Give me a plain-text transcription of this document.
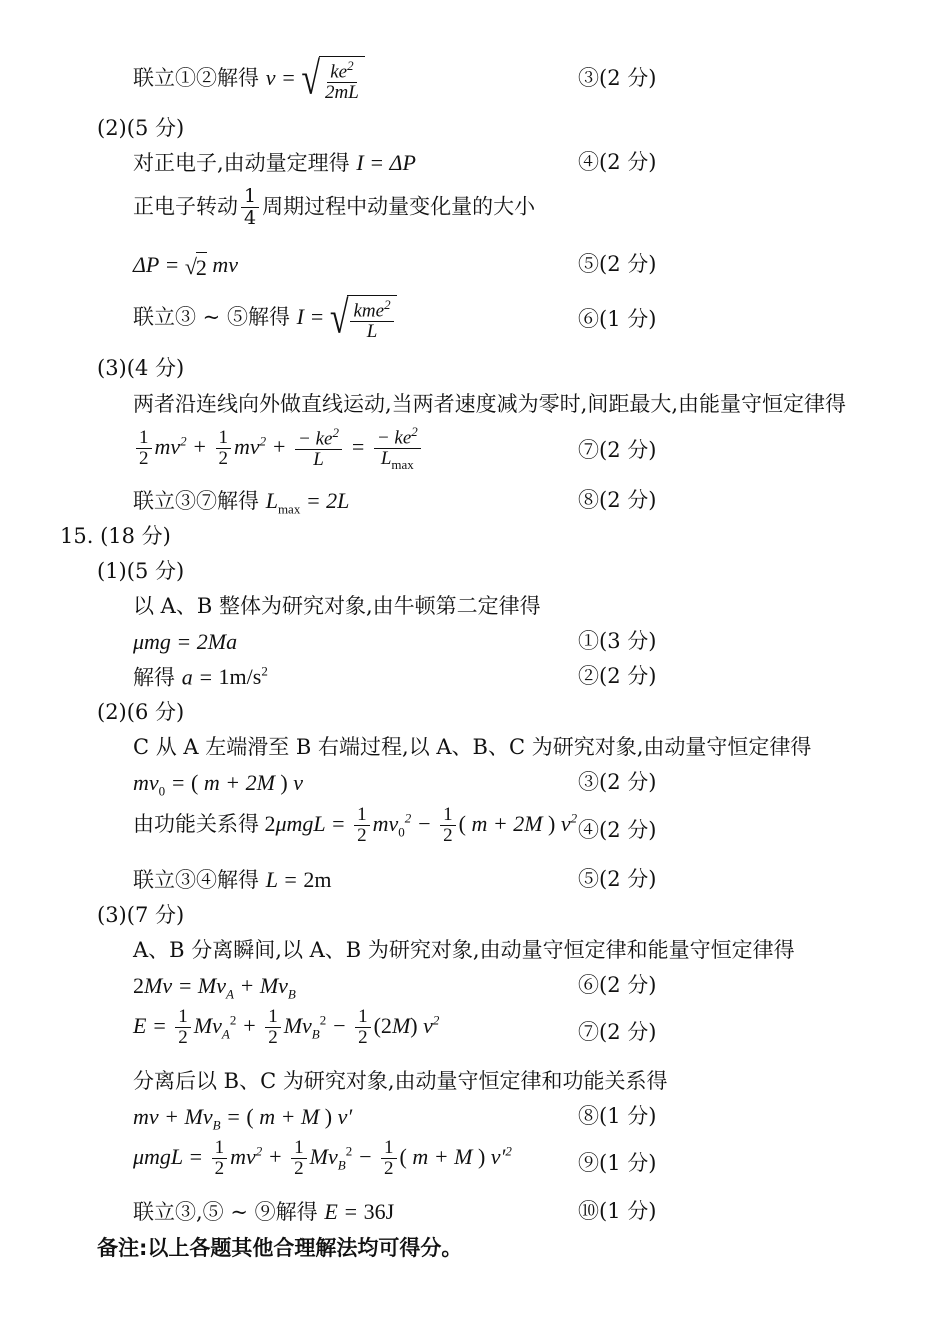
联立①②解得 v = √ $\frac{ke^2}{2mL}$	③(2 分)
(2)(5 分)
对正电子,由动量定理得 I = ΔP	④(2 分)
正电子转动 $\frac{1}{4}$ 周期过程中动量变化量的大小
ΔP = √ 2 mv	⑤(2 分)
联立③ ~ ⑤解得 I = √ $\frac{kme^2}{L}$	⑥(1 分)
(3)(4 分)
两者沿连线向外做直线运动,当两者速度减为零时,间距最大,由能量守恒定律得
$\frac{1}{2} mv^2 + \frac{1}{2} mv^2 + \frac{- ke^2}{L} = \frac{- ke^2}{L_{max}}$	⑦(2 分)
联立③⑦解得 $L_{max} = 2L$	⑧(2 分)
15. (18 分)
(1)(5 分)
以 A、B 整体为研究对象,由牛顿第二定律得
μmg = 2Ma	①(3 分)
解得 $a = 1m/s^2$	②(2 分)
(2)(6 分)
C 从 A 左端滑至 B 右端过程,以 A、B、C 为研究对象,由动量守恒定律得
$mv_0$ = ( m + 2M ) v	③(2 分)
由功能关系得 $2\mu mgL = \frac{1}{2} mv_0^2 - \frac{1}{2}$ ( m + 2M ) $v^2$ ④(2 分)
联立③④解得 L = 2m	⑤(2 分)
(3)(7 分)
A、B 分离瞬间,以 A、B 为研究对象,由动量守恒定律和能量守恒定律得
$2Mv = Mv_A + Mv_B$	⑥(2 分)
$E = \frac{1}{2} Mv_A^2 + \frac{1}{2} Mv_B^2 - \frac{1}{2} (2M)$ $v^2$	⑦(2 分)
分离后以 B、C 为研究对象,由动量守恒定律和功能关系得
mv + $Mv_B$ = ( m + M ) v′	⑧(1 分)
$\mu mgL = \frac{1}{2} mv^2 + \frac{1}{2} Mv_B^2 - \frac{1}{2}$ ( m + M ) $v'^2$	⑨(1 分)
联立③,⑤ ~ ⑨解得 E = 36J	⑩(1 分)
备注:以上各题其他合理解法均可得分。
